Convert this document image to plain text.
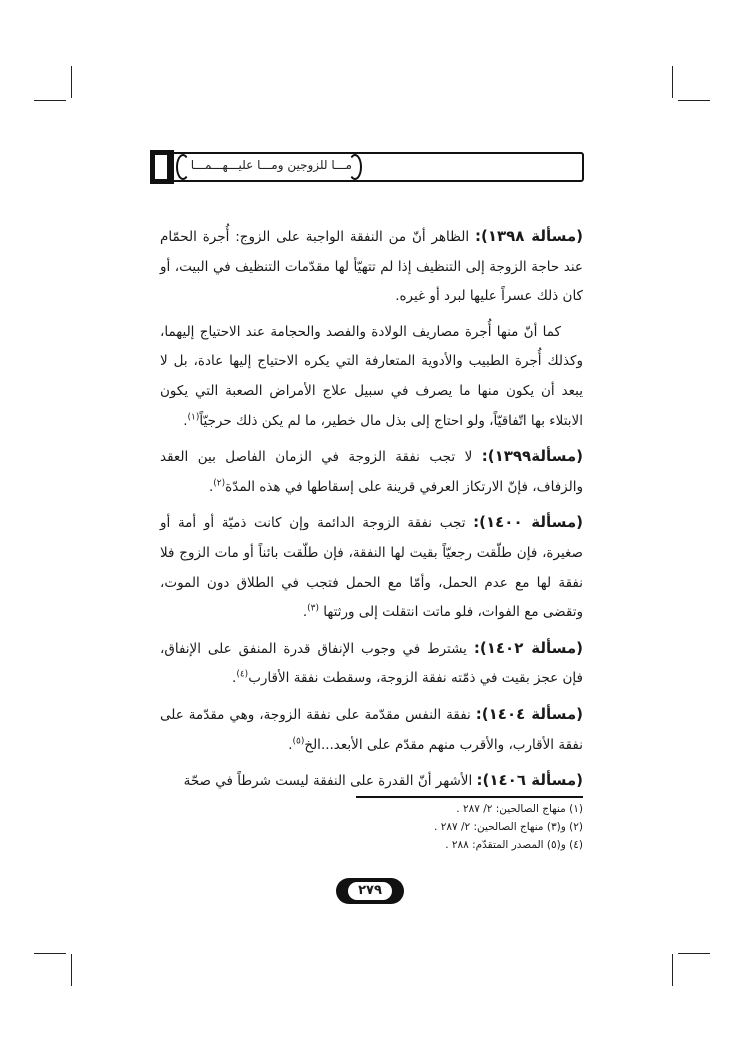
مـــا للزوجين ومـــا عليـــهـــمـــا

(مسألة ١٣٩٨): الظاهر أنّ من النفقة الواجبة على الزوج: أُجرة الحمّام عند حاجة الزوجة إلى التنظيف إذا لم تتهيّأ لها مقدّمات التنظيف في البيت، أو كان ذلك عسراً عليها لبرد أو غيره.

كما أنّ منها أُجرة مصاريف الولادة والفصد والحجامة عند الاحتياج إليهما، وكذلك أُجرة الطبيب والأدوية المتعارفة التي يكره الاحتياج إليها عادة، بل لا يبعد أن يكون منها ما يصرف في سبيل علاج الأمراض الصعبة التي يكون الابتلاء بها اتّفاقيّاً، ولو احتاج إلى بذل مال خطير، ما لم يكن ذلك حرجيّاً$^{(١)}$.

(مسألة١٣٩٩): لا تجب نفقة الزوجة في الزمان الفاصل بين العقد والزفاف، فإنّ الارتكاز العرفي قرينة على إسقاطها في هذه المدّة$^{(٢)}$.

(مسألة ١٤٠٠): تجب نفقة الزوجة الدائمة وإن كانت ذميّة أو أمة أو صغيرة، فإن طلّقت رجعيّاً بقيت لها النفقة، فإن طلّقت بائناً أو مات الزوج فلا نفقة لها مع عدم الحمل، وأمّا مع الحمل فتجب في الطلاق دون الموت، وتقضى مع الفوات، فلو ماتت انتقلت إلى ورثتها $^{(٣)}$.

(مسألة ١٤٠٢): يشترط في وجوب الإنفاق قدرة المنفق على الإنفاق، فإن عجز بقيت في ذمّته نفقة الزوجة، وسقطت نفقة الأقارب$^{(٤)}$.

(مسألة ١٤٠٤): نفقة النفس مقدّمة على نفقة الزوجة، وهي مقدّمة على نفقة الأقارب، والأقرب منهم مقدّم على الأبعد...الخ$^{(٥)}$.

(مسألة ١٤٠٦): الأشهر أنّ القدرة على النفقة ليست شرطاً في صحّة

(١) منهاج الصالحين: ٢/ ٢٨٧ .
(٢) و(٣) منهاج الصالحين: ٢/ ٢٨٧ .
(٤) و(٥) المصدر المتقدّم: ٢٨٨ .
٢٧٩
